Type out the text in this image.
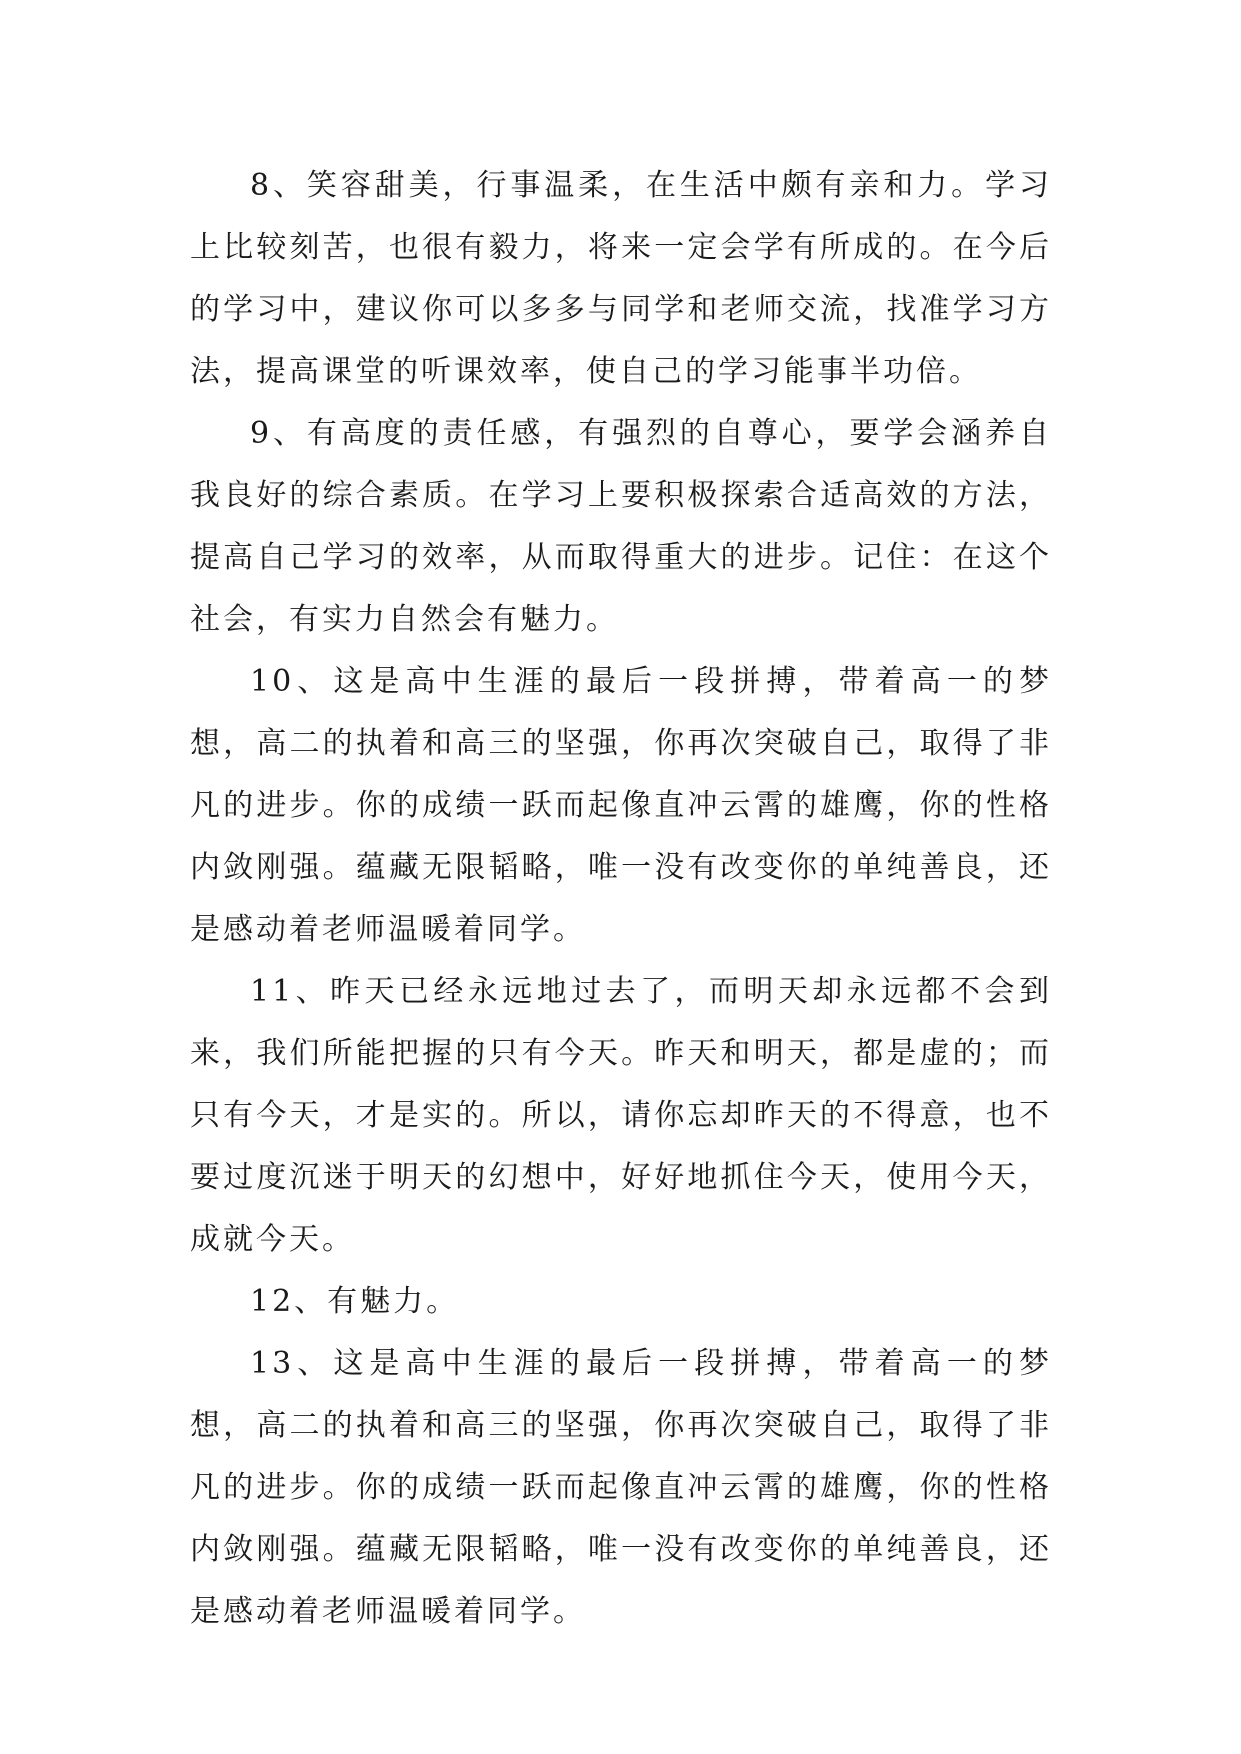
8、笑容甜美，行事温柔，在生活中颇有亲和力。学习上比较刻苦，也很有毅力，将来一定会学有所成的。在今后的学习中，建议你可以多多与同学和老师交流，找准学习方法，提高课堂的听课效率，使自己的学习能事半功倍。

9、有高度的责任感，有强烈的自尊心，要学会涵养自我良好的综合素质。在学习上要积极探索合适高效的方法，提高自己学习的效率，从而取得重大的进步。记住：在这个社会，有实力自然会有魅力。

10、这是高中生涯的最后一段拼搏，带着高一的梦想，高二的执着和高三的坚强，你再次突破自己，取得了非凡的进步。你的成绩一跃而起像直冲云霄的雄鹰，你的性格内敛刚强。蕴藏无限韬略，唯一没有改变你的单纯善良，还是感动着老师温暖着同学。

11、昨天已经永远地过去了，而明天却永远都不会到来，我们所能把握的只有今天。昨天和明天，都是虚的；而只有今天，才是实的。所以，请你忘却昨天的不得意，也不要过度沉迷于明天的幻想中，好好地抓住今天，使用今天，成就今天。

12、有魅力。

13、这是高中生涯的最后一段拼搏，带着高一的梦想，高二的执着和高三的坚强，你再次突破自己，取得了非凡的进步。你的成绩一跃而起像直冲云霄的雄鹰，你的性格内敛刚强。蕴藏无限韬略，唯一没有改变你的单纯善良，还是感动着老师温暖着同学。
